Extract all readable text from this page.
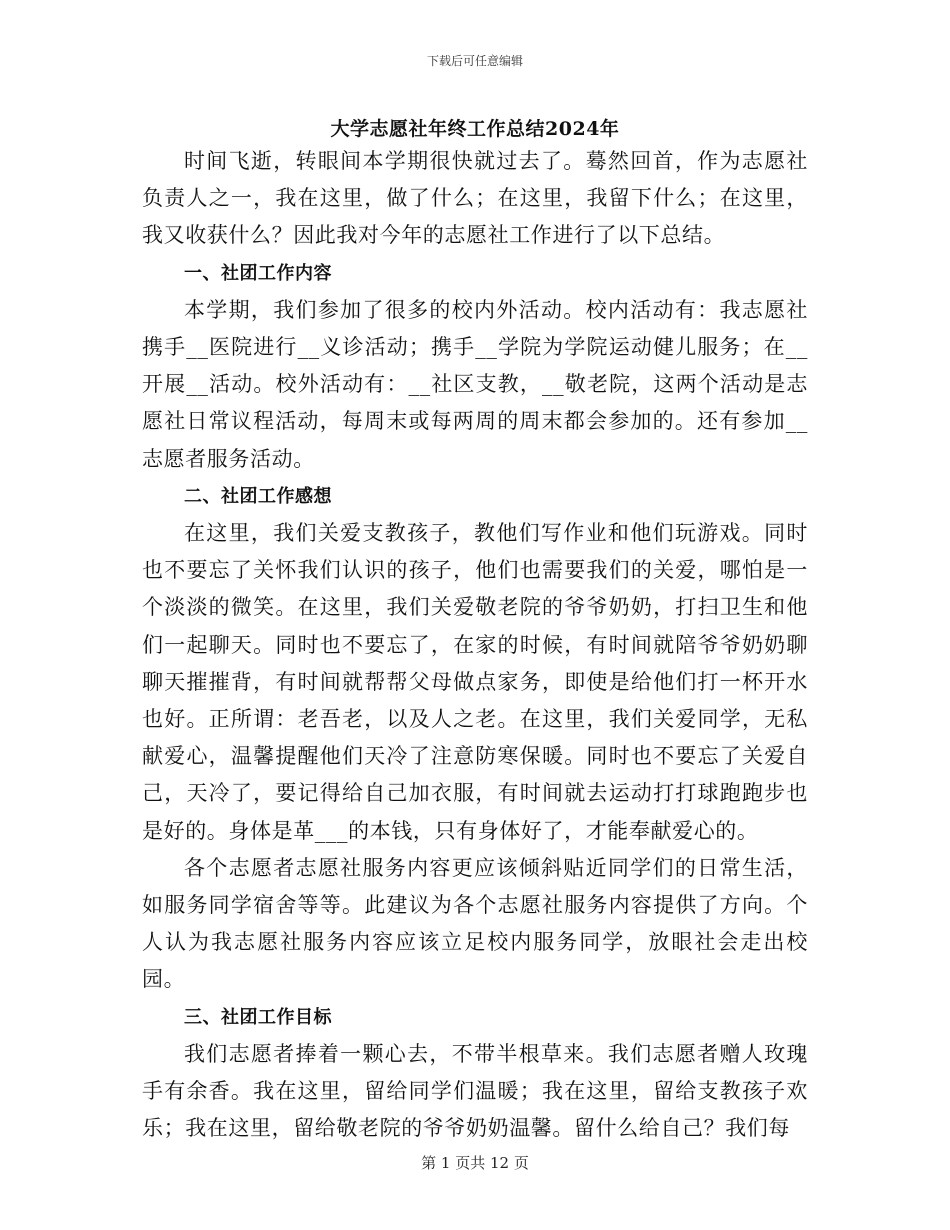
下载后可任意编辑
大学志愿社年终工作总结2024年

时间飞逝，转眼间本学期很快就过去了。蓦然回首，作为志愿社负责人之一，我在这里，做了什么；在这里，我留下什么；在这里，我又收获什么？因此我对今年的志愿社工作进行了以下总结。

一、社团工作内容

本学期，我们参加了很多的校内外活动。校内活动有：我志愿社携手__医院进行__义诊活动；携手__学院为学院运动健儿服务；在__开展__活动。校外活动有：__社区支教，__敬老院，这两个活动是志愿社日常议程活动，每周末或每两周的周末都会参加的。还有参加__志愿者服务活动。

二、社团工作感想

在这里，我们关爱支教孩子，教他们写作业和他们玩游戏。同时也不要忘了关怀我们认识的孩子，他们也需要我们的关爱，哪怕是一个淡淡的微笑。在这里，我们关爱敬老院的爷爷奶奶，打扫卫生和他们一起聊天。同时也不要忘了，在家的时候，有时间就陪爷爷奶奶聊聊天摧摧背，有时间就帮帮父母做点家务，即使是给他们打一杯开水也好。正所谓：老吾老，以及人之老。在这里，我们关爱同学，无私献爱心，温馨提醒他们天冷了注意防寒保暖。同时也不要忘了关爱自己，天冷了，要记得给自己加衣服，有时间就去运动打打球跑跑步也是好的。身体是革___的本钱，只有身体好了，才能奉献爱心的。

各个志愿者志愿社服务内容更应该倾斜贴近同学们的日常生活，如服务同学宿舍等等。此建议为各个志愿社服务内容提供了方向。个人认为我志愿社服务内容应该立足校内服务同学，放眼社会走出校园。

三、社团工作目标

我们志愿者捧着一颗心去，不带半根草来。我们志愿者赠人玫瑰手有余香。我在这里，留给同学们温暖；我在这里，留给支教孩子欢乐；我在这里，留给敬老院的爷爷奶奶温馨。留什么给自己？我们每

第 1 页共 12 页
